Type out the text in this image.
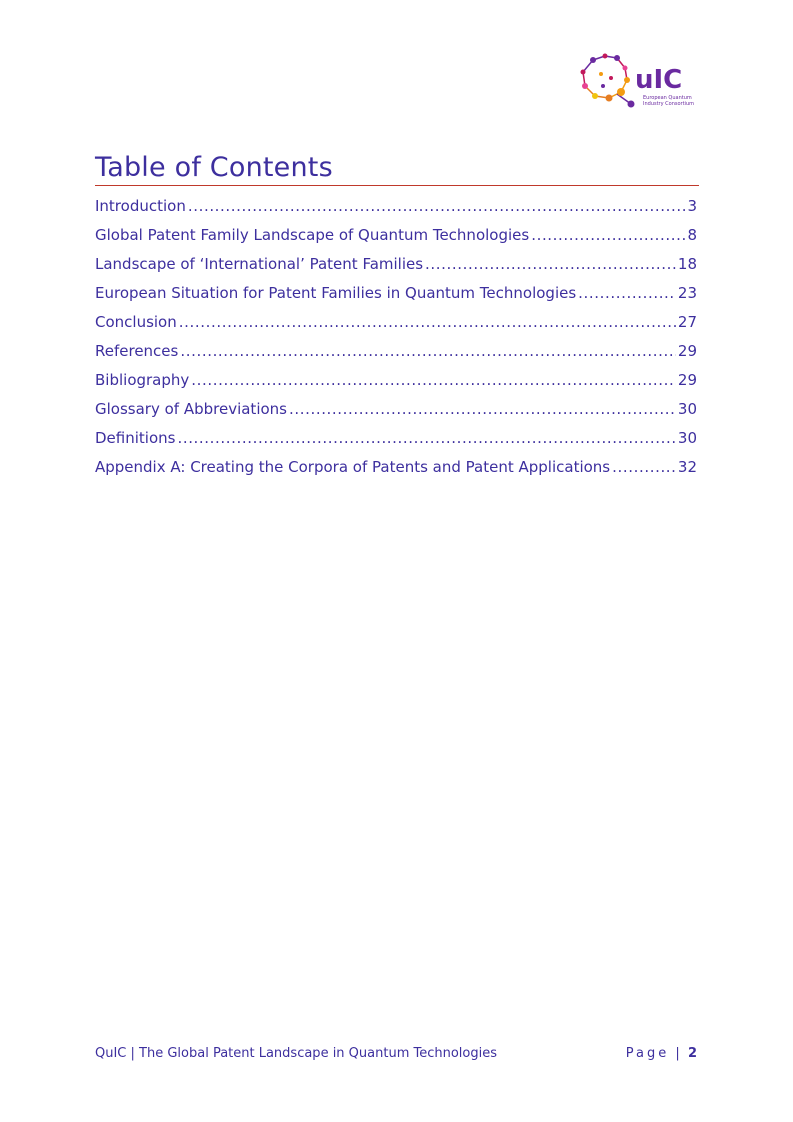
uIC
European Quantum
Industry Consortium
Table of Contents
Introduction .....	3
Global Patent Family Landscape of Quantum Technologies .....	8
Landscape of ‘International’ Patent Families .....	18
European Situation for Patent Families in Quantum Technologies .....	23
Conclusion .....	27
References .....	29
Bibliography .....	29
Glossary of Abbreviations .....	30
Definitions .....	30
Appendix A: Creating the Corpora of Patents and Patent Applications .....	32
QuIC | The Global Patent Landscape in Quantum Technologies	Page | 2
